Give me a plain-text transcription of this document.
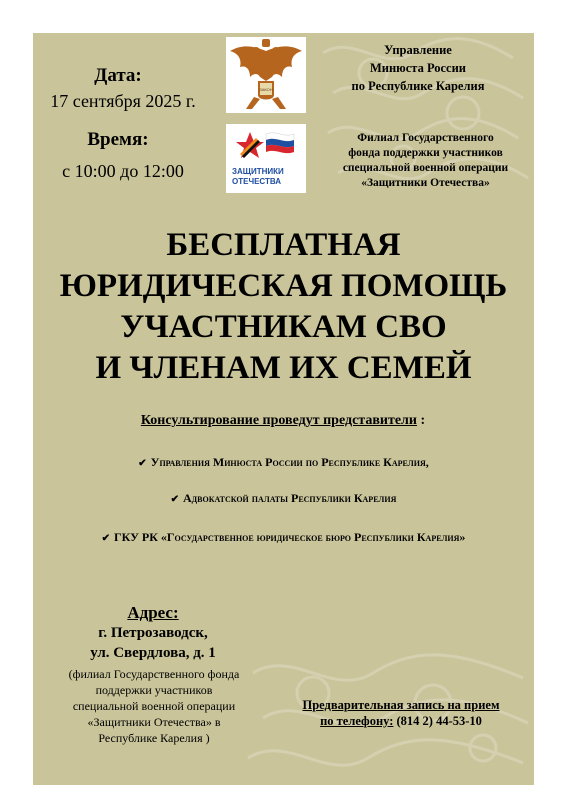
Дата:
17 сентября 2025 г.
Время:
с 10:00 до 12:00
ЗАКОН
ЗАЩИТНИКИ
ОТЕЧЕСТВА
Управление
Минюста России
по Республике Карелия
Филиал Государственного
фонда поддержки участников
специальной военной операции
«Защитники Отечества»
БЕСПЛАТНАЯ
ЮРИДИЧЕСКАЯ ПОМОЩЬ
УЧАСТНИКАМ СВО
И ЧЛЕНАМ ИХ СЕМЕЙ
Консультирование проведут представители :
✔ Управления Минюста России по Республике Карелия,
✔ Адвокатской палаты Республики Карелия
✔ ГКУ РК «Государственное юридическое бюро Республики Карелия»
Адрес:
г. Петрозаводск,
ул. Свердлова, д. 1
(филиал Государственного фонда
поддержки участников
специальной военной операции
«Защитники Отечества» в
Республике Карелия )
Предварительная запись на прием
по телефону: (814 2) 44-53-10
